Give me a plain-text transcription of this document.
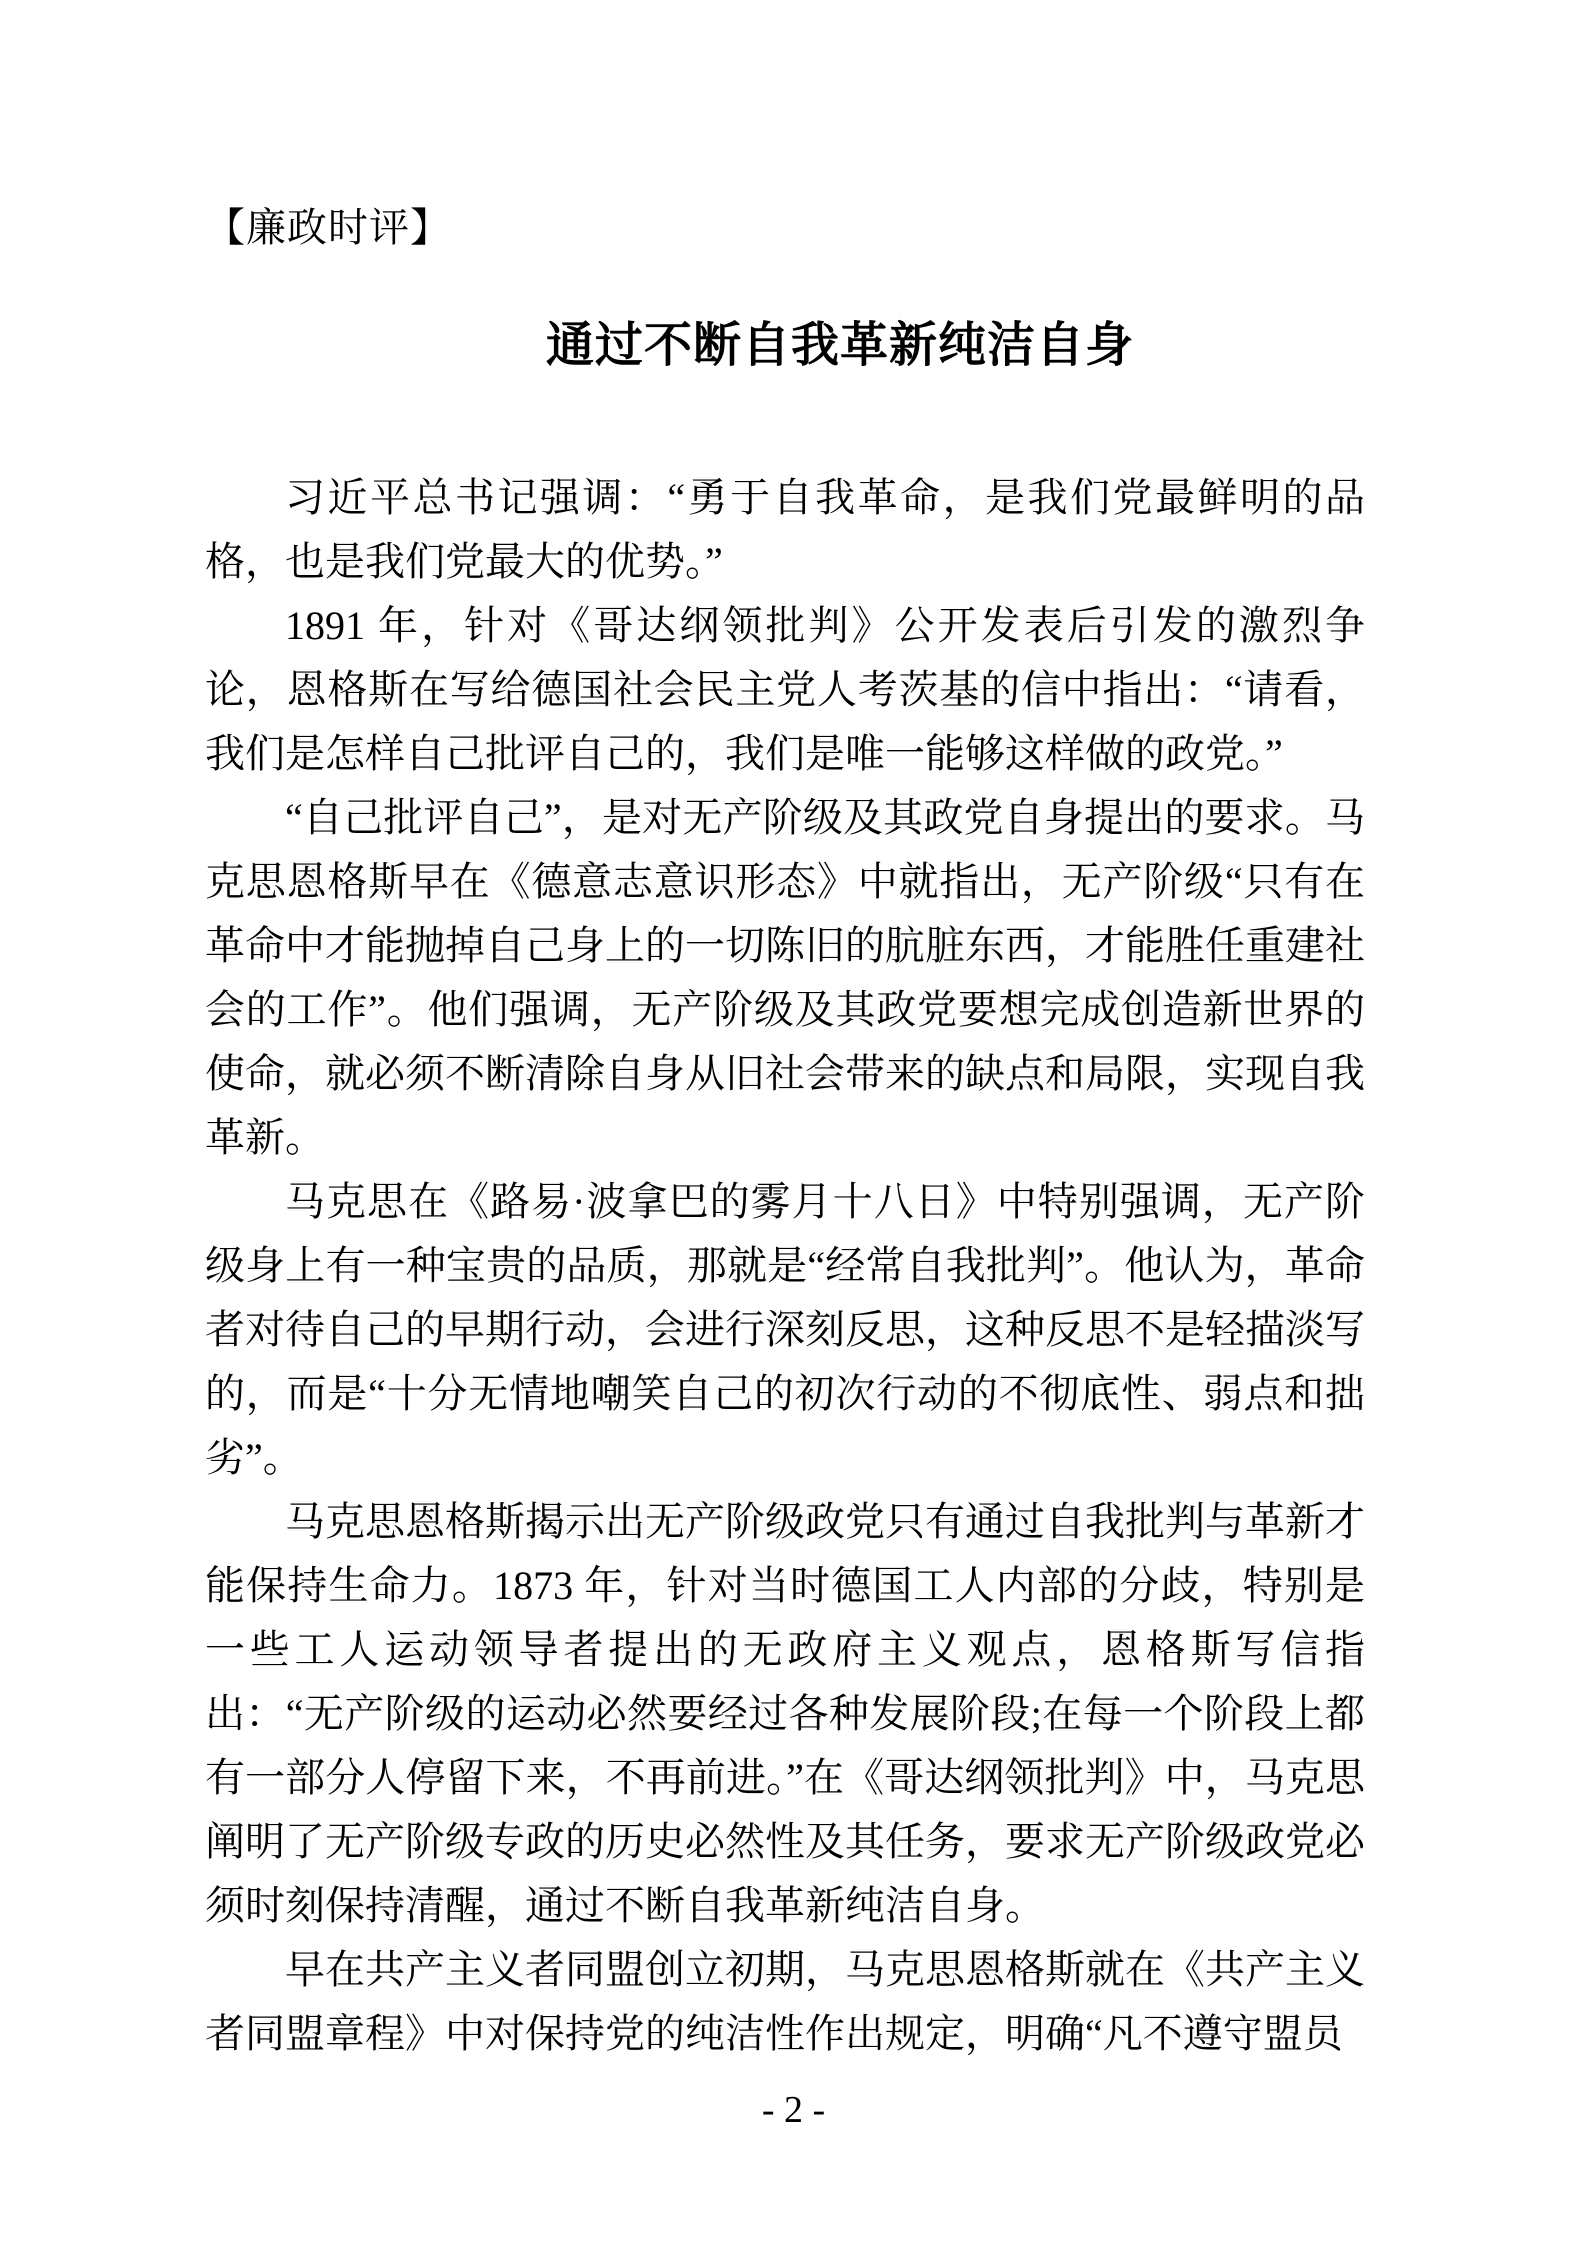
【廉政时评】
通过不断自我革新纯洁自身

习近平总书记强调：“勇于自我革命，是我们党最鲜明的品格，也是我们党最大的优势。”

1891 年，针对《哥达纲领批判》公开发表后引发的激烈争论，恩格斯在写给德国社会民主党人考茨基的信中指出：“请看，我们是怎样自己批评自己的，我们是唯一能够这样做的政党。”

“自己批评自己”，是对无产阶级及其政党自身提出的要求。马克思恩格斯早在《德意志意识形态》中就指出，无产阶级“只有在革命中才能抛掉自己身上的一切陈旧的肮脏东西，才能胜任重建社会的工作”。他们强调，无产阶级及其政党要想完成创造新世界的使命，就必须不断清除自身从旧社会带来的缺点和局限，实现自我革新。

马克思在《路易·波拿巴的雾月十八日》中特别强调，无产阶级身上有一种宝贵的品质，那就是“经常自我批判”。他认为，革命者对待自己的早期行动，会进行深刻反思，这种反思不是轻描淡写的，而是“十分无情地嘲笑自己的初次行动的不彻底性、弱点和拙劣”。

马克思恩格斯揭示出无产阶级政党只有通过自我批判与革新才能保持生命力。1873 年，针对当时德国工人内部的分歧，特别是一些工人运动领导者提出的无政府主义观点，恩格斯写信指出：“无产阶级的运动必然要经过各种发展阶段;在每一个阶段上都有一部分人停留下来，不再前进。”在《哥达纲领批判》中，马克思阐明了无产阶级专政的历史必然性及其任务，要求无产阶级政党必须时刻保持清醒，通过不断自我革新纯洁自身。

早在共产主义者同盟创立初期，马克思恩格斯就在《共产主义者同盟章程》中对保持党的纯洁性作出规定，明确“凡不遵守盟员

- 2 -
